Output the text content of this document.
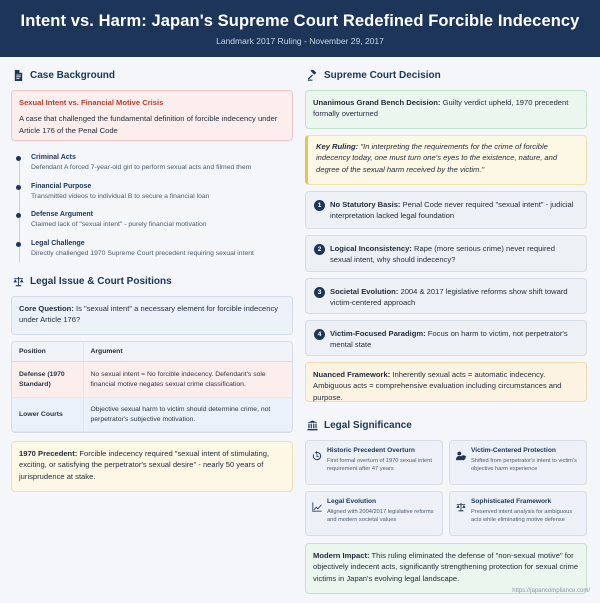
Intent vs. Harm: Japan's Supreme Court Redefined Forcible Indecency
Landmark 2017 Ruling - November 29, 2017
Case Background
Sexual Intent vs. Financial Motive Crisis
A case that challenged the fundamental definition of forcible indecency under Article 176 of the Penal Code
Criminal Acts
Defendant A forced 7-year-old girl to perform sexual acts and filmed them
Financial Purpose
Transmitted videos to individual B to secure a financial loan
Defense Argument
Claimed lack of "sexual intent" - purely financial motivation
Legal Challenge
Directly challenged 1970 Supreme Court precedent requiring sexual intent
Legal Issue & Court Positions
Core Question: Is "sexual intent" a necessary element for forcible indecency under Article 176?
Position	Argument
Defense (1970 Standard)	No sexual intent = No forcible indecency. Defendant's sole financial motive negates sexual crime classification.
Lower Courts	Objective sexual harm to victim should determine crime, not perpetrator's subjective motivation.
1970 Precedent: Forcible indecency required "sexual intent of stimulating, exciting, or satisfying the perpetrator's sexual desire" - nearly 50 years of jurisprudence at stake.
Supreme Court Decision
Unanimous Grand Bench Decision: Guilty verdict upheld, 1970 precedent formally overturned
Key Ruling: "In interpreting the requirements for the crime of forcible indecency today, one must turn one's eyes to the existence, nature, and degree of the sexual harm received by the victim."
1	No Statutory Basis: Penal Code never required "sexual intent" - judicial interpretation lacked legal foundation
2	Logical Inconsistency: Rape (more serious crime) never required sexual intent, why should indecency?
3	Societal Evolution: 2004 & 2017 legislative reforms show shift toward victim-centered approach
4	Victim-Focused Paradigm: Focus on harm to victim, not perpetrator's mental state
Nuanced Framework: Inherently sexual acts = automatic indecency. Ambiguous acts = comprehensive evaluation including circumstances and purpose.
Legal Significance
Historic Precedent Overturn
First formal overturn of 1970 sexual intent requirement after 47 years
Victim-Centered Protection
Shifted from perpetrator's intent to victim's objective harm experience
Legal Evolution
Aligned with 2004/2017 legislative reforms and modern societal values
Sophisticated Framework
Preserved intent analysis for ambiguous acts while eliminating motive defense
Modern Impact: This ruling eliminated the defense of "non-sexual motive" for objectively indecent acts, significantly strengthening protection for sexual crime victims in Japan's evolving legal landscape.
https://japancompliance.com/
